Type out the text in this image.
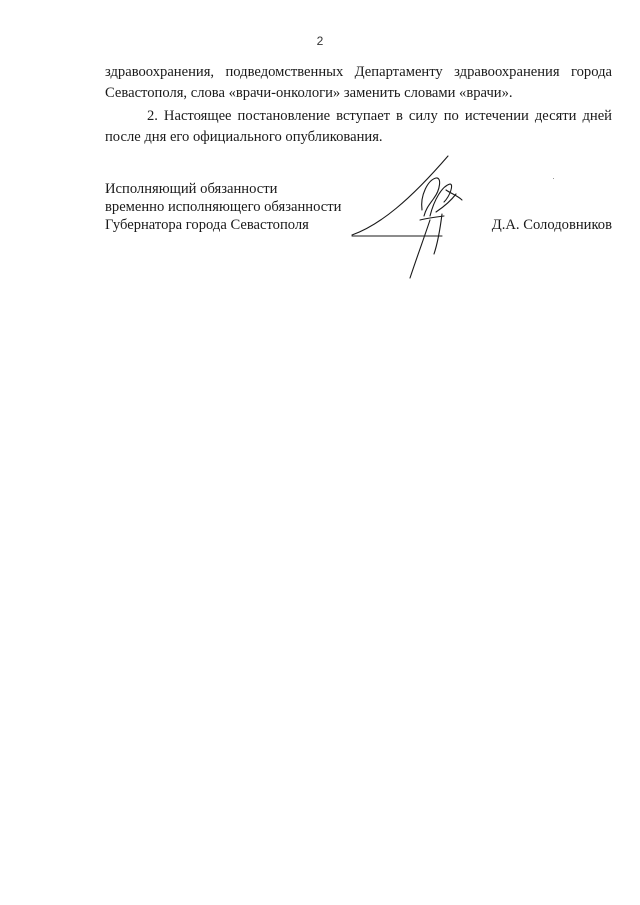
2

здравоохранения, подведомственных Департаменту здравоохранения города Севастополя, слова «врачи-онкологи» заменить словами «врачи».

2. Настоящее постановление вступает в силу по истечении десяти дней после дня его официального опубликования.

Исполняющий обязанности
временно исполняющего обязанности
Губернатора города Севастополя	Д.А. Солодовников
